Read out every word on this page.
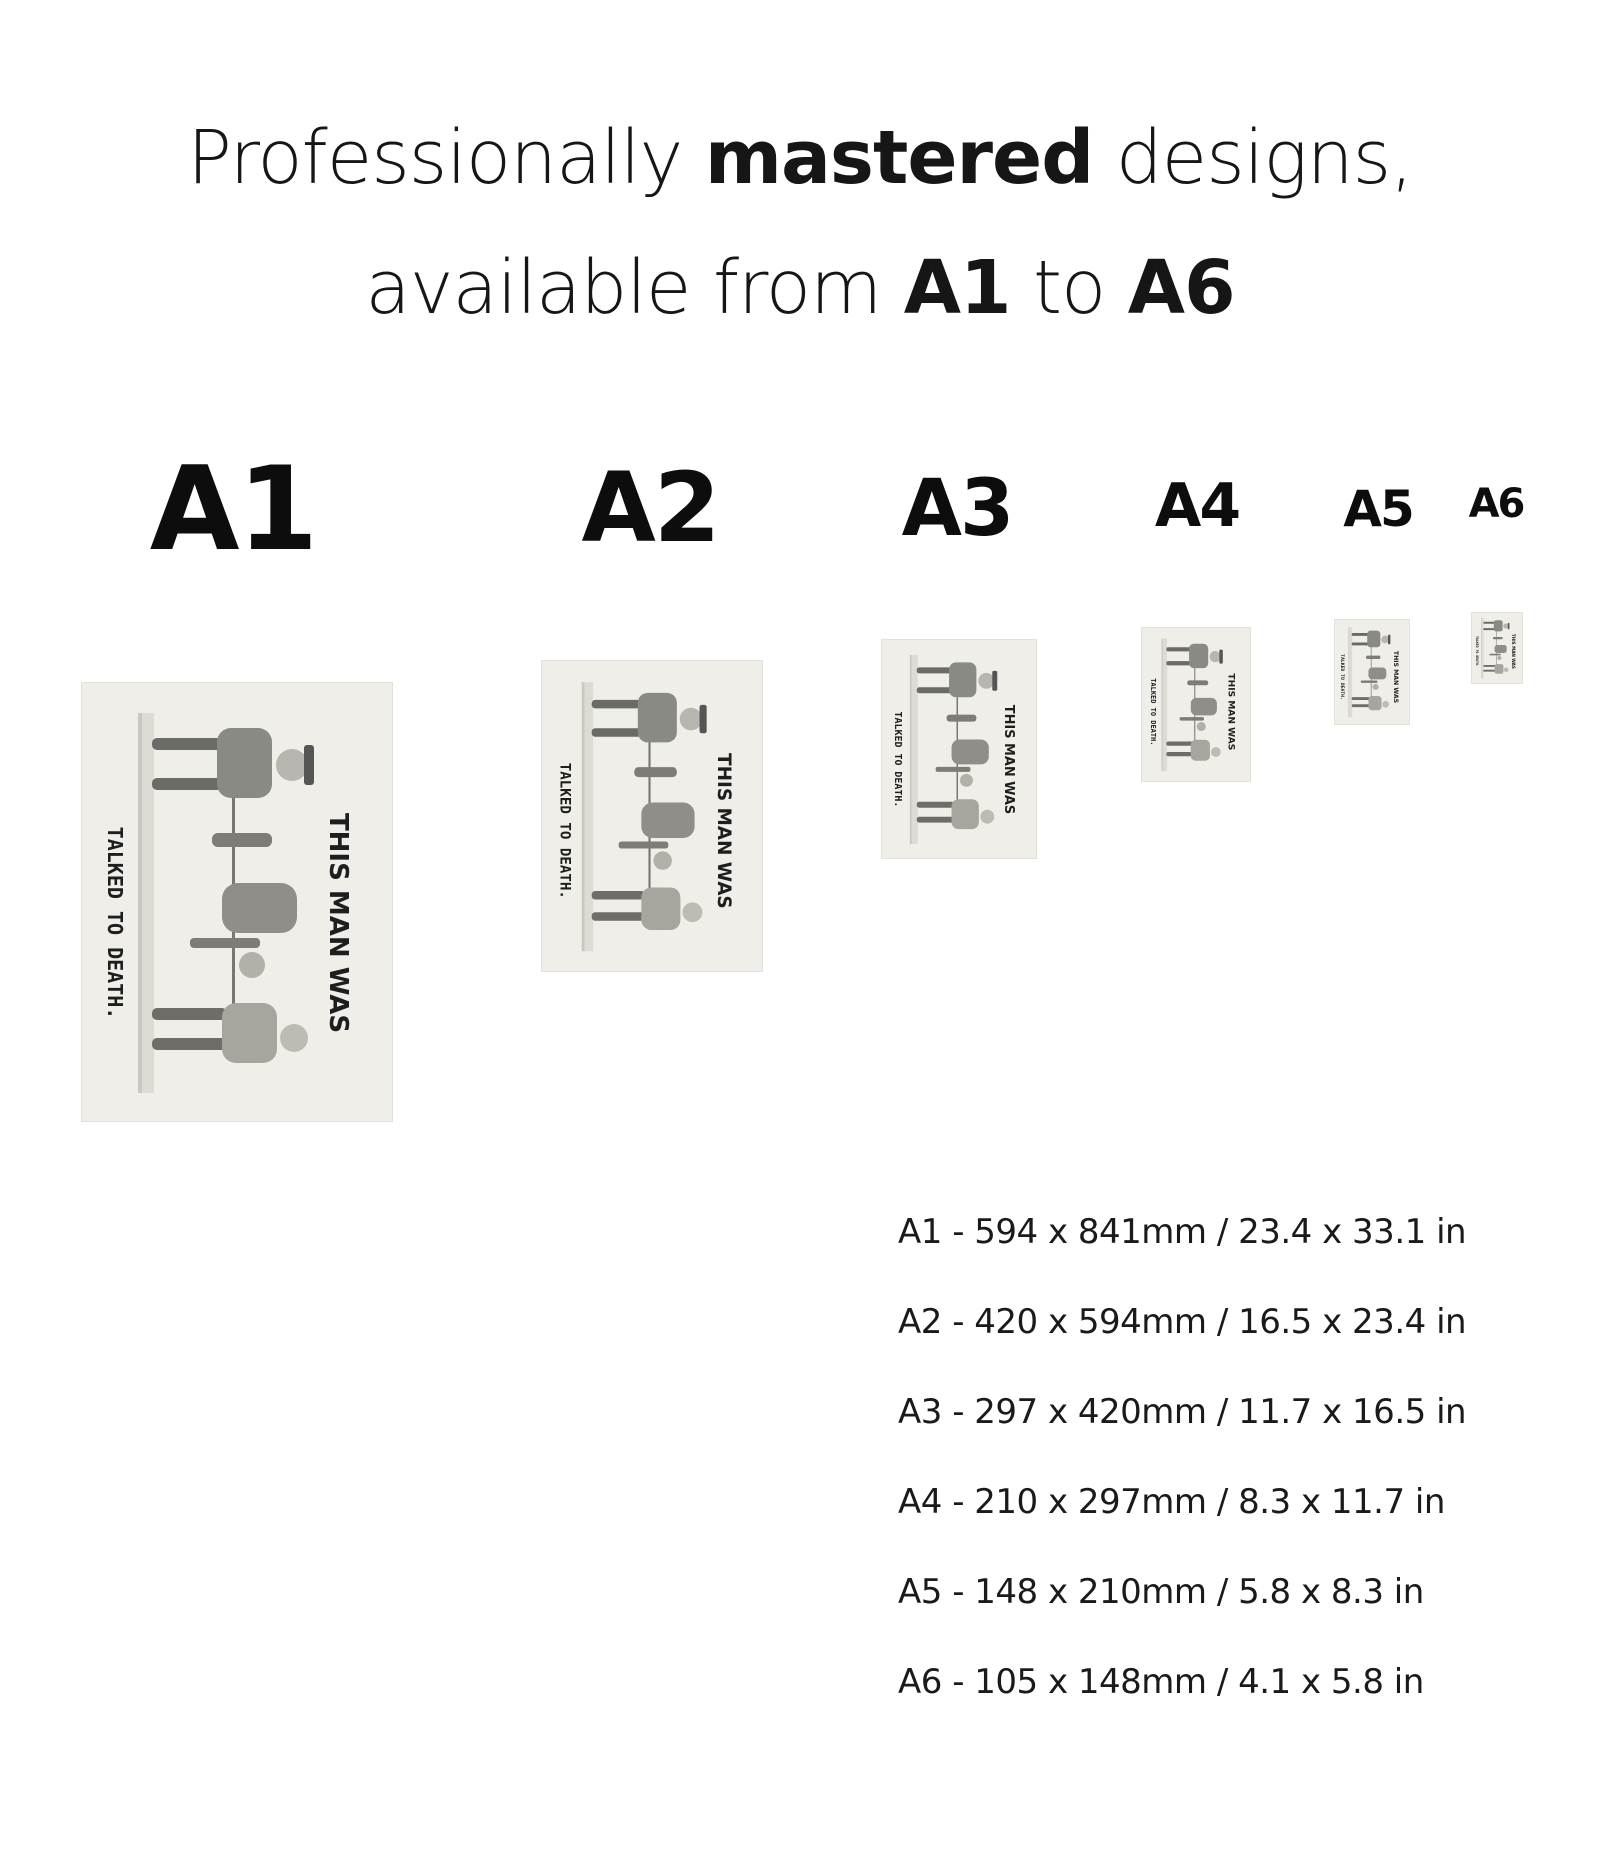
Professionally mastered designs,
available from A1 to A6
A1	A2 A3 A4 A5 A6
THIS MAN WAS
TALKED TO DEATH.	THIS MAN WAS
TALKED TO DEATH.
THIS MAN WAS
TALKED TO DEATH.	THIS MAN WAS
TALKED TO DEATH.
THIS MAN WAS
TALKED TO DEATH.
THIS MAN WAS
TALKED TO DEATH.
A1 - 594 x 841mm / 23.4 x 33.1 in
A2 - 420 x 594mm / 16.5 x 23.4 in
A3 - 297 x 420mm / 11.7 x 16.5 in
A4 - 210 x 297mm / 8.3 x 11.7 in
A5 - 148 x 210mm / 5.8 x 8.3 in
A6 - 105 x 148mm / 4.1 x 5.8 in
